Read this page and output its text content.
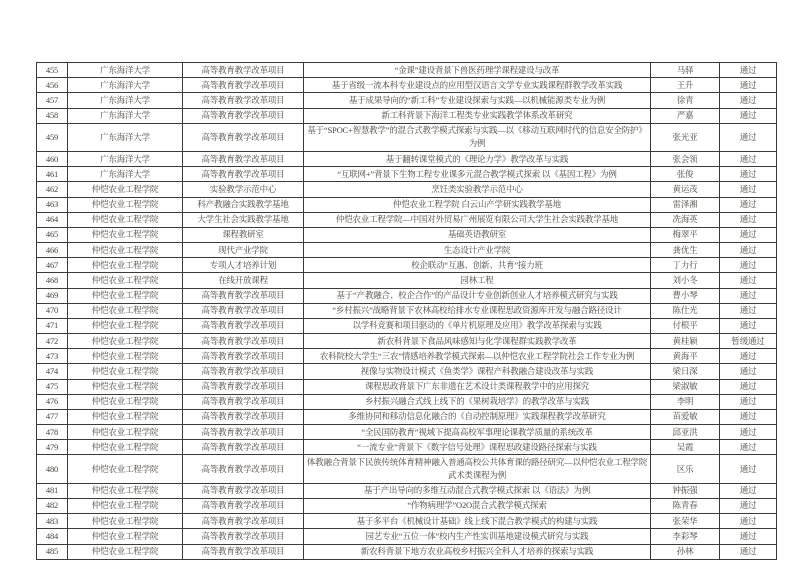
455	广东海洋大学	高等教育教学改革项目	“金课”建设背景下兽医药理学课程建设与改革	马驿	通过
456	广东海洋大学	高等教育教学改革项目	基于省级一流本科专业建设点的应用型汉语言文学专业实践课程群教学改革实践	王升	通过
457	广东海洋大学	高等教育教学改革项目	基于成果导向的“新工科”专业建设探索与实践—以机械能源类专业为例	徐青	通过
458	广东海洋大学	高等教育教学改革项目	新工科背景下海洋工程类专业实践教学体系改革研究	严嘉	通过
459	广东海洋大学	高等教育教学改革项目	基于“SPOC+智慧教学”的混合式教学模式探索与实践—以《移动互联网时代的信息安全防护》为例	张光亚	通过
460	广东海洋大学	高等教育教学改革项目	基于翻转课堂模式的《理论力学》教学改革与实践	张会领	通过
461	广东海洋大学	高等教育教学改革项目	“互联网+”背景下生物工程专业课多元混合教学模式探索 以《基因工程》为例	张俊	通过
462	仲恺农业工程学院	实验教学示范中心	烹饪类实验教学示范中心	黄运茂	通过
463	仲恺农业工程学院	科产教融合实践教学基地	仲恺农业工程学院 白云山产学研实践教学基地	雷泽湘	通过
464	仲恺农业工程学院	大学生社会实践教学基地	仲恺农业工程学院—中国对外贸易广州展览有限公司大学生社会实践教学基地	冼海英	通过
465	仲恺农业工程学院	课程教研室	基础英语教研室	梅翠平	通过
466	仲恺农业工程学院	现代产业学院	生态设计产业学院	龚优生	通过
467	仲恺农业工程学院	专项人才培养计划	校企联动“互惠、创新、共育”接力班	丁力行	通过
468	仲恺农业工程学院	在线开放课程	园林工程	刘小冬	通过
469	仲恺农业工程学院	高等教育教学改革项目	基于“产教融合、校企合作”的产品设计专业创新创业人才培养模式研究与实践	曹小琴	通过
470	仲恺农业工程学院	高等教育教学改革项目	“乡村振兴”战略背景下农林高校给排水专业课程思政资源库开发与融合路径设计	陈仕光	通过
471	仲恺农业工程学院	高等教育教学改革项目	以学科竞赛和项目驱动的《单片机原理及应用》教学改革探索与实践	付根平	通过
472	仲恺农业工程学院	高等教育教学改革项目	新农科背景下食品风味感知与化学课程群实践教学改革	黄桂颖	暂缓通过
473	仲恺农业工程学院	高等教育教学改革项目	农科院校大学生“三农”情感培养教学模式探索—以仲恺农业工程学院社会工作专业为例	黄海平	通过
474	仲恺农业工程学院	高等教育教学改革项目	视像与实物设计模式《鱼类学》课程产科教融合建设改革与实践	梁日深	通过
475	仲恺农业工程学院	高等教育教学改革项目	课程思政背景下广东非遗在艺术设计类课程教学中的应用探究	梁淑敏	通过
476	仲恺农业工程学院	高等教育教学改革项目	乡村振兴融合式线上线下的《果树栽培学》的教学改革与实践	李明	通过
477	仲恺农业工程学院	高等教育教学改革项目	多维协同和移动信息化融合的《自动控制原理》实践课程教学改革研究	苗爱敏	通过
478	仲恺农业工程学院	高等教育教学改革项目	“全民国防教育”视域下提高高校军事理论课教学质量的系统改革	邱亚洪	通过
479	仲恺农业工程学院	高等教育教学改革项目	“一流专业”背景下《数字信号处理》课程思政建设路径探索与实践	吴霞	通过
480	仲恺农业工程学院	高等教育教学改革项目	体教融合背景下民族传统体育精神融入普通高校公共体育课的路径研究—以仲恺农业工程学院武术类课程为例	区乐	通过
481	仲恺农业工程学院	高等教育教学改革项目	基于产出导向的多维互动混合式教学模式探索 以《语法》为例	钟振强	通过
482	仲恺农业工程学院	高等教育教学改革项目	“作物病理学”O2O混合式教学模式探索	陈青春	通过
483	仲恺农业工程学院	高等教育教学改革项目	基于多平台《机械设计基础》线上线下混合教学模式的构建与实践	张荣华	通过
484	仲恺农业工程学院	高等教育教学改革项目	园艺专业“五位一体”校内生产性实训基地建设模式研究与实践	李彩琴	通过
485	仲恺农业工程学院	高等教育教学改革项目	新农科背景下地方农业高校乡村振兴全科人才培养的探索与实践	孙林	通过
